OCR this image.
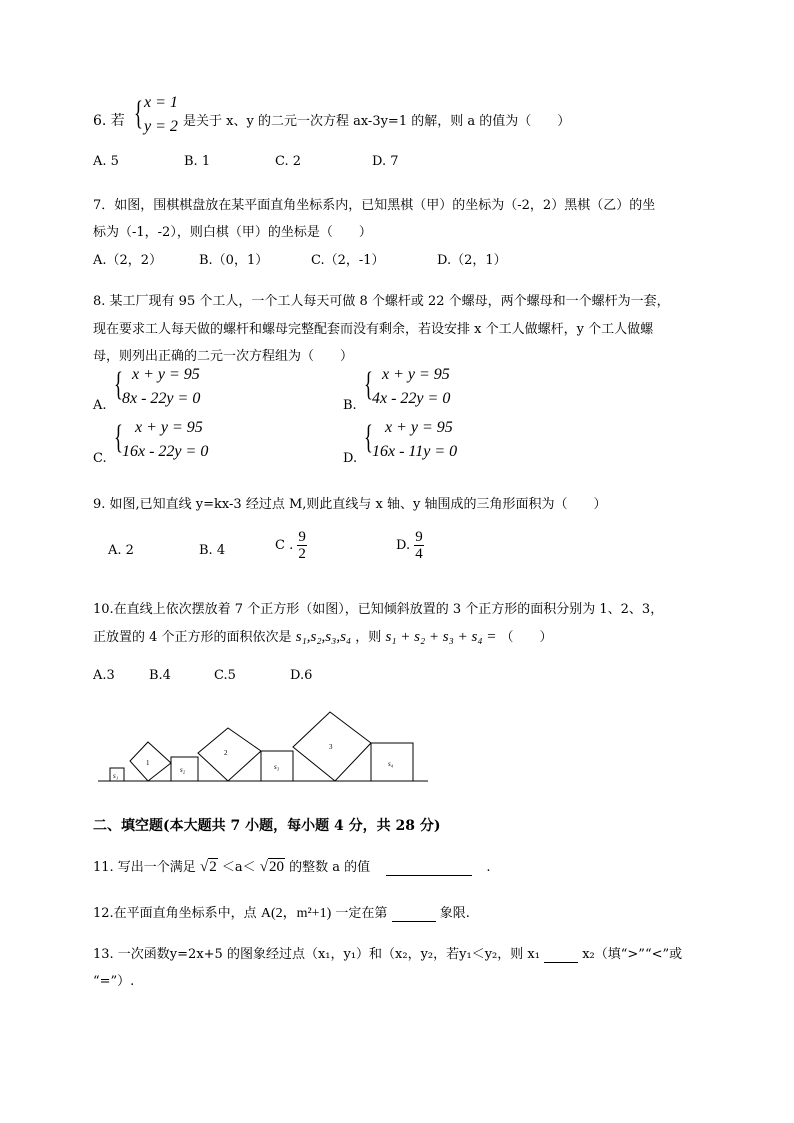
6. 若 { x = 1
y = 2 是关于 x、y 的二元一次方程 ax-3y=1 的解，则 a 的值为（　　）
A. 5	B. 1	C. 2	D. 7
7．如图，围棋棋盘放在某平面直角坐标系内，已知黑棋（甲）的坐标为（-2，2）黑棋（乙）的坐
标为（-1，-2），则白棋（甲）的坐标是（　　）
A.（2，2）	B.（0，1）	C.（2，-1）	D.（2，1）
8. 某工厂现有 95 个工人，一个工人每天可做 8 个螺杆或 22 个螺母，两个螺母和一个螺杆为一套，
现在要求工人每天做的螺杆和螺母完整配套而没有剩余，若设安排 x 个工人做螺杆，y 个工人做螺
母，则列出正确的二元一次方程组为（　　）
A.
{ x + y = 95
8x - 22y = 0	B.
{ x + y = 95
4x - 22y = 0
C.
{ x + y = 95
16x - 22y = 0	D.
{ x + y = 95
16x - 11y = 0
9. 如图,已知直线 y=kx-3 经过点 M,则此直线与 x 轴、y 轴围成的三角形面积为（　　）
A. 2	B. 4	C . $\frac{9}{2}$	D. $\frac{9}{4}$
10.在直线上依次摆放着 7 个正方形（如图），已知倾斜放置的 3 个正方形的面积分别为 1、2、3，
正放置的 4 个正方形的面积依次是 s₁,s₂,s₃,s₄ ，则 s₁ + s₂ + s₃ + s₄ = （　　）
A.3	B.4	C.5	D.6
s₁
1
s₂
2
s₃
3
s₄
二、填空题(本大题共 7 小题，每小题 4 分，共 28 分)
11. 写出一个满足 √2 ＜a＜ √20 的整数 a 的值	.
12.在平面直角坐标系中，点 A(2，m²+1) 一定在第	象限.
13. 一次函数y=2x+5 的图象经过点（x₁，y₁）和（x₂，y₂，若y₁＜y₂，则 x₁	x₂（填“>”“<”或
“=”）.
